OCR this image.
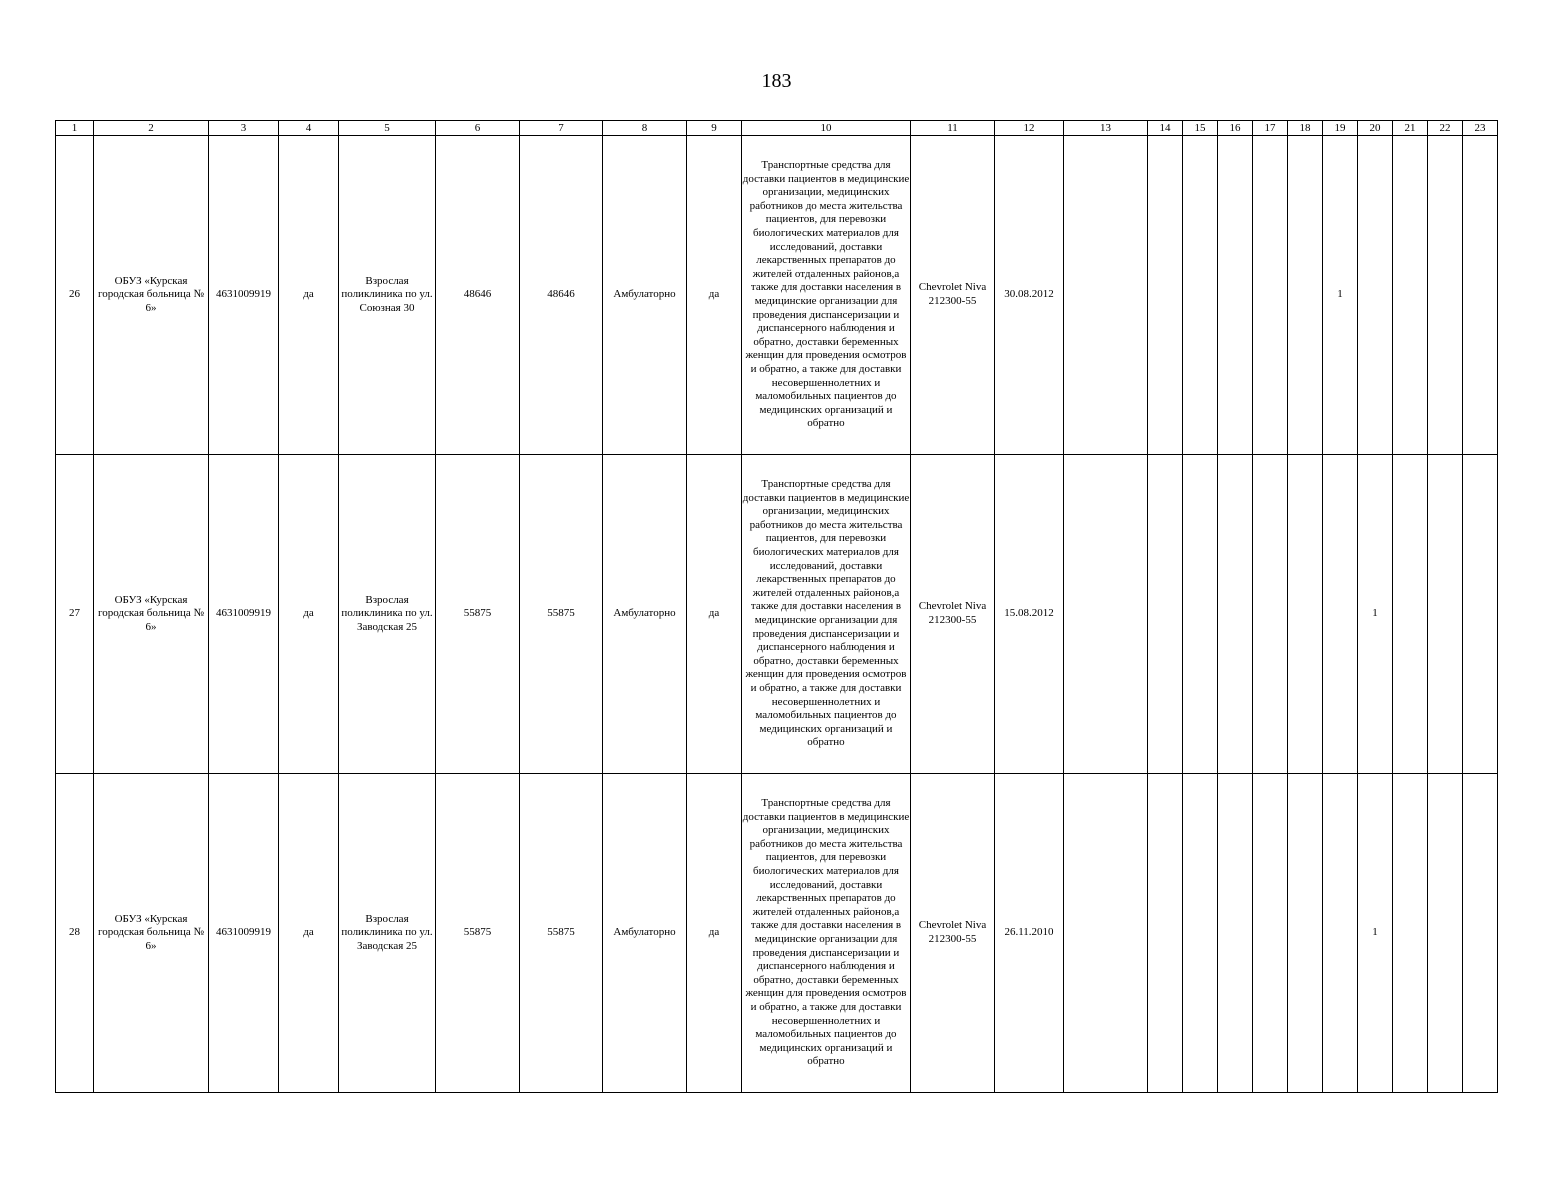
183
1	2	3	4	5	6	7	8	9	10	11	12	13	14	15	16	17	18	19	20	21	22	23
26	ОБУЗ «Курская городская больница № 6»	4631009919	да	Взрослая поликлиника по ул. Союзная 30	48646	48646	Амбулаторно	да	Транспортные средства для доставки пациентов в медицинские организации, медицинских работников до места жительства пациентов, для перевозки биологических материалов для исследований, доставки лекарственных препаратов до жителей отдаленных районов,а также для доставки населения в медицинские организации для проведения диспансеризации и диспансерного наблюдения и обратно, доставки беременных женщин для проведения осмотров и обратно, а также для доставки несовершеннолетних и маломобильных пациентов до медицинских организаций и обратно	Chevrolet Niva 212300-55	30.08.2012							1				
27	ОБУЗ «Курская городская больница № 6»	4631009919	да	Взрослая поликлиника по ул. Заводская 25	55875	55875	Амбулаторно	да	Транспортные средства для доставки пациентов в медицинские организации, медицинских работников до места жительства пациентов, для перевозки биологических материалов для исследований, доставки лекарственных препаратов до жителей отдаленных районов,а также для доставки населения в медицинские организации для проведения диспансеризации и диспансерного наблюдения и обратно, доставки беременных женщин для проведения осмотров и обратно, а также для доставки несовершеннолетних и маломобильных пациентов до медицинских организаций и обратно	Chevrolet Niva 212300-55	15.08.2012								1			
28	ОБУЗ «Курская городская больница № 6»	4631009919	да	Взрослая поликлиника по ул. Заводская 25	55875	55875	Амбулаторно	да	Транспортные средства для доставки пациентов в медицинские организации, медицинских работников до места жительства пациентов, для перевозки биологических материалов для исследований, доставки лекарственных препаратов до жителей отдаленных районов,а также для доставки населения в медицинские организации для проведения диспансеризации и диспансерного наблюдения и обратно, доставки беременных женщин для проведения осмотров и обратно, а также для доставки несовершеннолетних и маломобильных пациентов до медицинских организаций и обратно	Chevrolet Niva 212300-55	26.11.2010								1			
